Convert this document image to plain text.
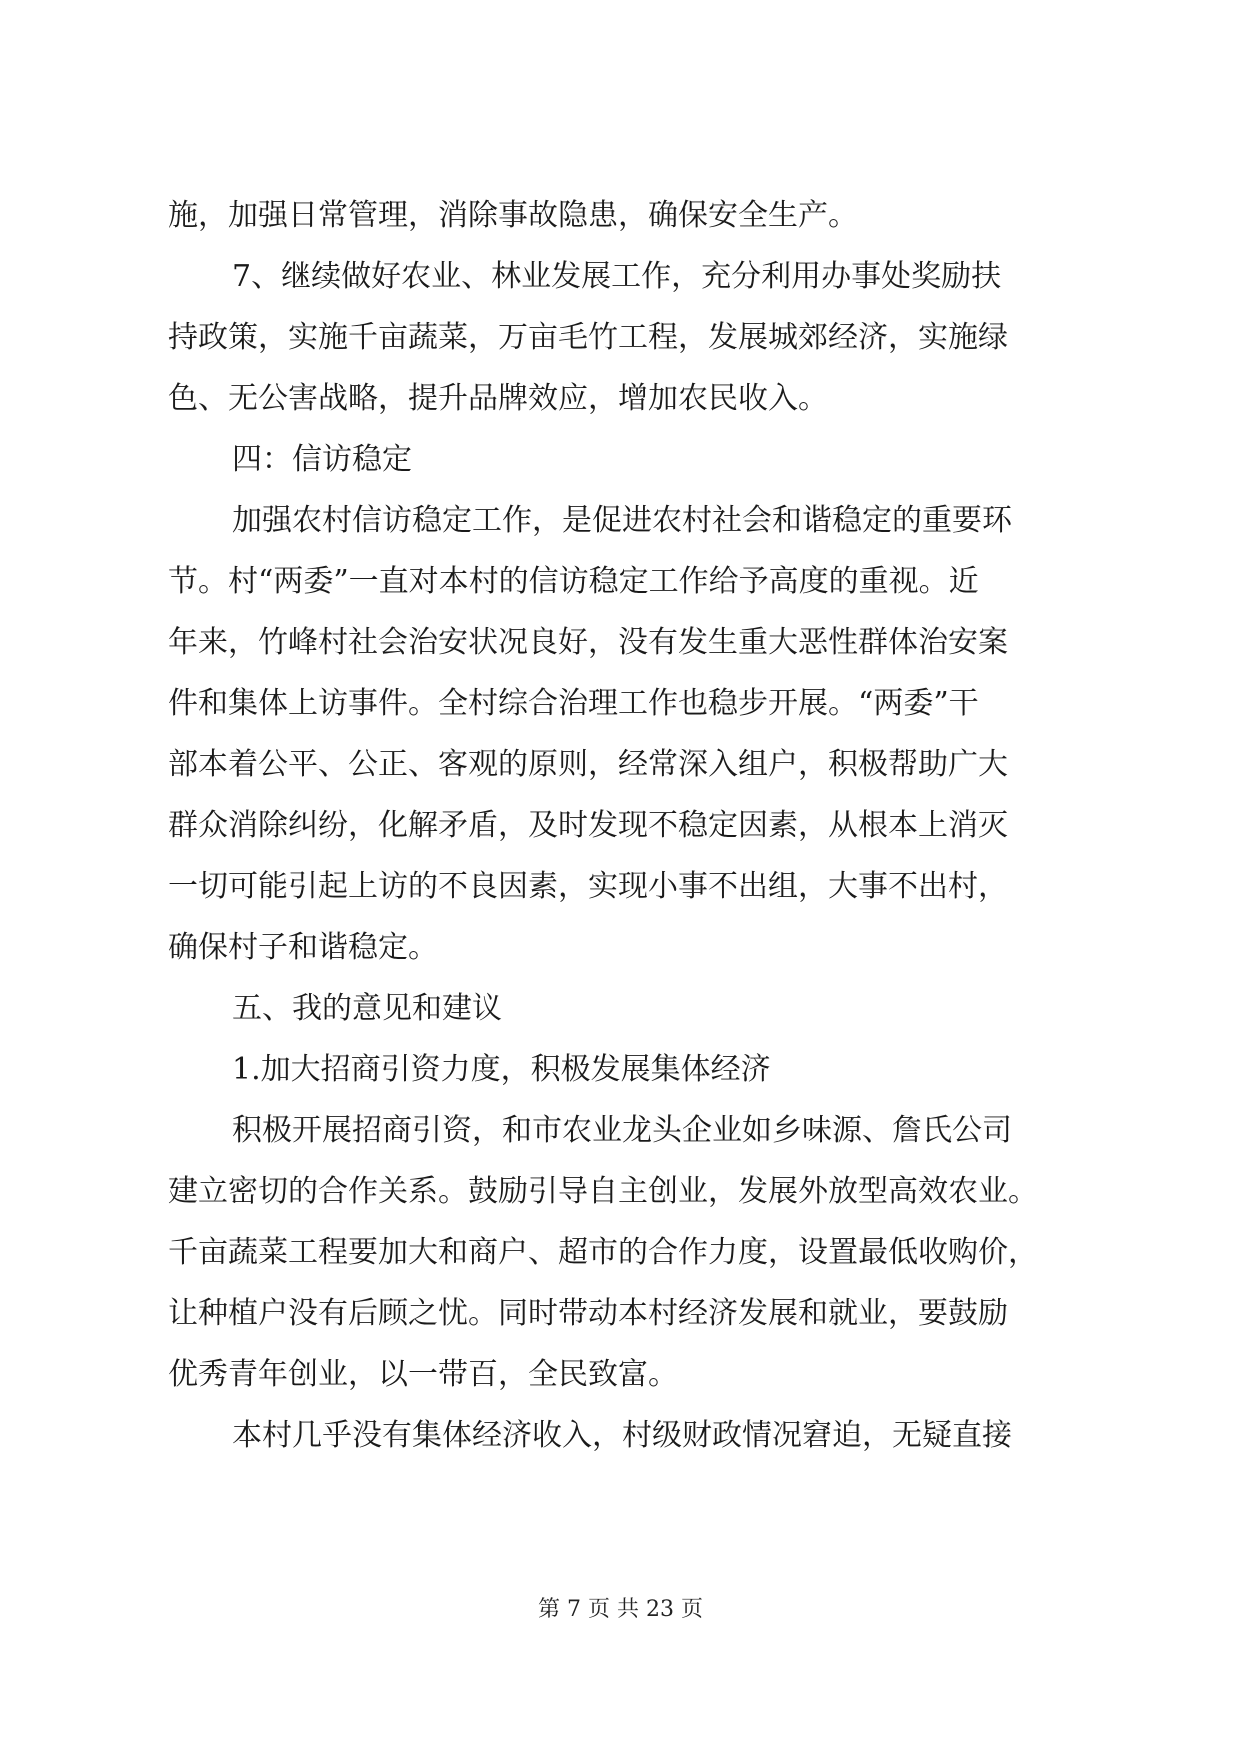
施，加强日常管理，消除事故隐患，确保安全生产。
7、继续做好农业、林业发展工作，充分利用办事处奖励扶
持政策，实施千亩蔬菜，万亩毛竹工程，发展城郊经济，实施绿
色、无公害战略，提升品牌效应，增加农民收入。
四：信访稳定
加强农村信访稳定工作，是促进农村社会和谐稳定的重要环
节。村“两委”一直对本村的信访稳定工作给予高度的重视。近
年来，竹峰村社会治安状况良好，没有发生重大恶性群体治安案
件和集体上访事件。全村综合治理工作也稳步开展。“两委”干
部本着公平、公正、客观的原则，经常深入组户，积极帮助广大
群众消除纠纷，化解矛盾，及时发现不稳定因素，从根本上消灭
一切可能引起上访的不良因素，实现小事不出组，大事不出村，
确保村子和谐稳定。
五、我的意见和建议
1.加大招商引资力度，积极发展集体经济
积极开展招商引资，和市农业龙头企业如乡味源、詹氏公司
建立密切的合作关系。鼓励引导自主创业，发展外放型高效农业。
千亩蔬菜工程要加大和商户、超市的合作力度，设置最低收购价，
让种植户没有后顾之忧。同时带动本村经济发展和就业，要鼓励
优秀青年创业，以一带百，全民致富。
本村几乎没有集体经济收入，村级财政情况窘迫，无疑直接
第 7 页 共 23 页
